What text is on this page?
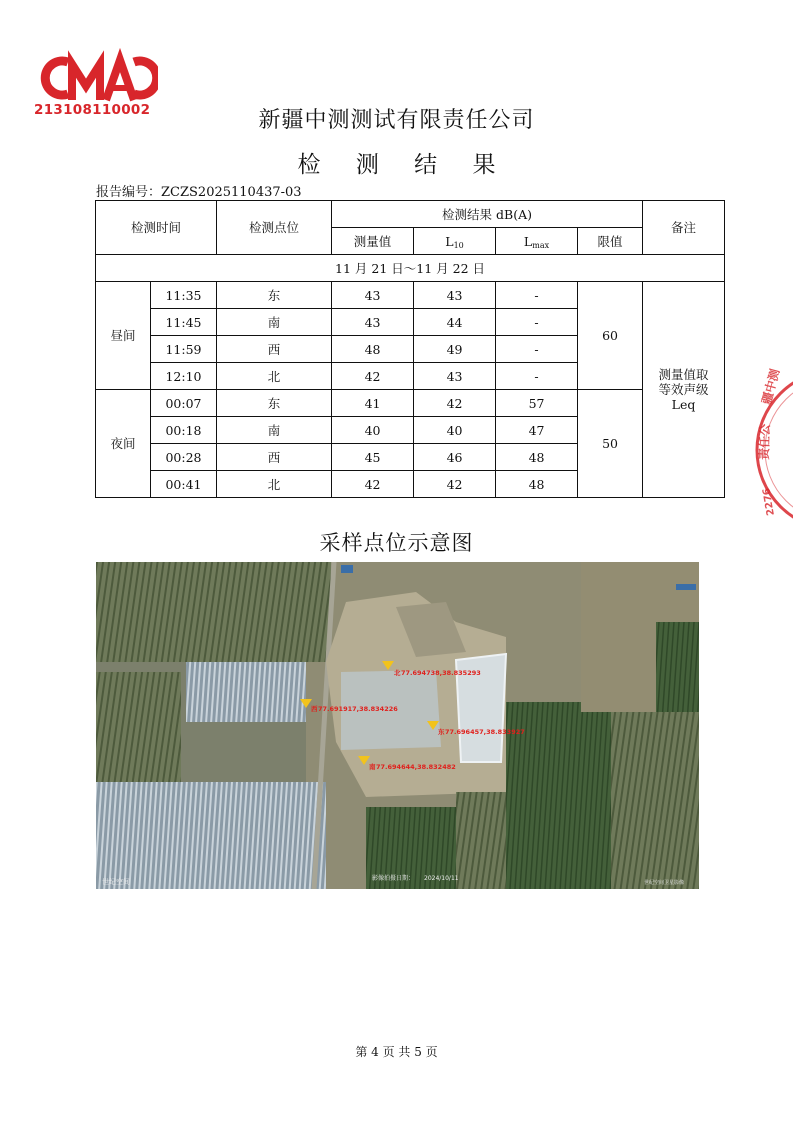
213108110002	新疆中测测试有限责任公司
检 测 结 果
报告编号：ZCZS2025110437-03
检测时间		检测点位	检测结果 dB(A)				备注
			测量值	$L_{10}$	$L_{max}$	限值	
11 月 21 日～11 月 22 日							
昼间	11:35	东	43	43	-	60	测量值取
等效声级
Leq

	11:45	南	43	44	-		
	11:59	西	48	49	-		
	12:10	北	42	43	-		
夜间	00:07	东	41	42	57	50	
	00:18	南	40	40	47		
	00:28	西	45	46	48		
	00:41	北	42	42	48		
采样点位示意图
北 77.694738,38.835293
西 77.691917,38.834226
东 77.696457,38.833927
南 77.694644,38.832482
世纪空间	影像拍摄日期： 2024/10/11
世纪空间卫星影像
疆中测
责任公
2276
第 4 页 共 5 页
